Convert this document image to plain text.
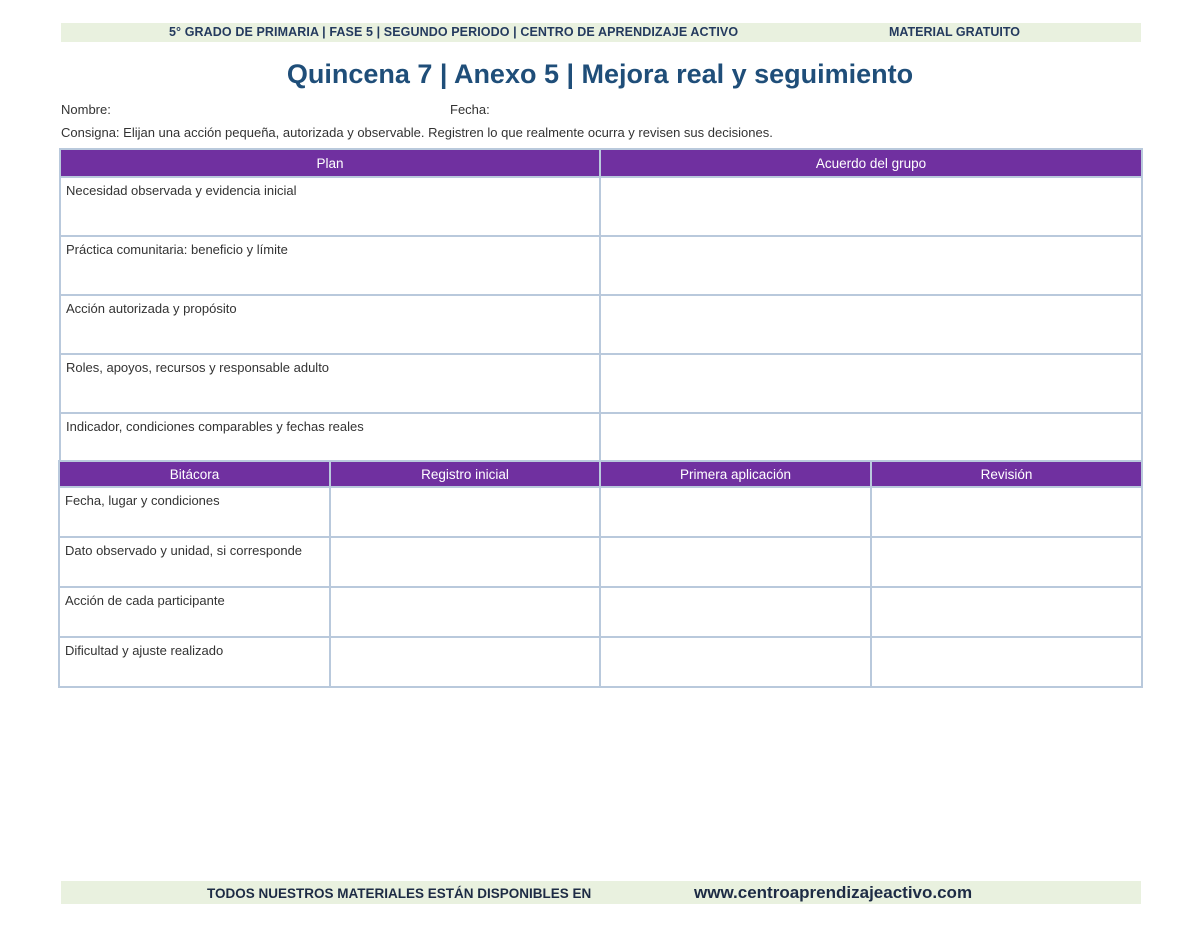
5° GRADO DE PRIMARIA | FASE 5 | SEGUNDO PERIODO | CENTRO DE APRENDIZAJE ACTIVO	MATERIAL GRATUITO
Quincena 7 | Anexo 5 | Mejora real y seguimiento
Nombre:	Fecha:
Consigna: Elijan una acción pequeña, autorizada y observable. Registren lo que realmente ocurra y revisen sus decisiones.
Plan	Acuerdo del grupo
Necesidad observada y evidencia inicial	
Práctica comunitaria: beneficio y límite	
Acción autorizada y propósito	
Roles, apoyos, recursos y responsable adulto	
Indicador, condiciones comparables y fechas reales	
Bitácora	Registro inicial	Primera aplicación	Revisión
Fecha, lugar y condiciones			
Dato observado y unidad, si corresponde			
Acción de cada participante			
Dificultad y ajuste realizado			
TODOS NUESTROS MATERIALES ESTÁN DISPONIBLES EN	www.centroaprendizajeactivo.com
